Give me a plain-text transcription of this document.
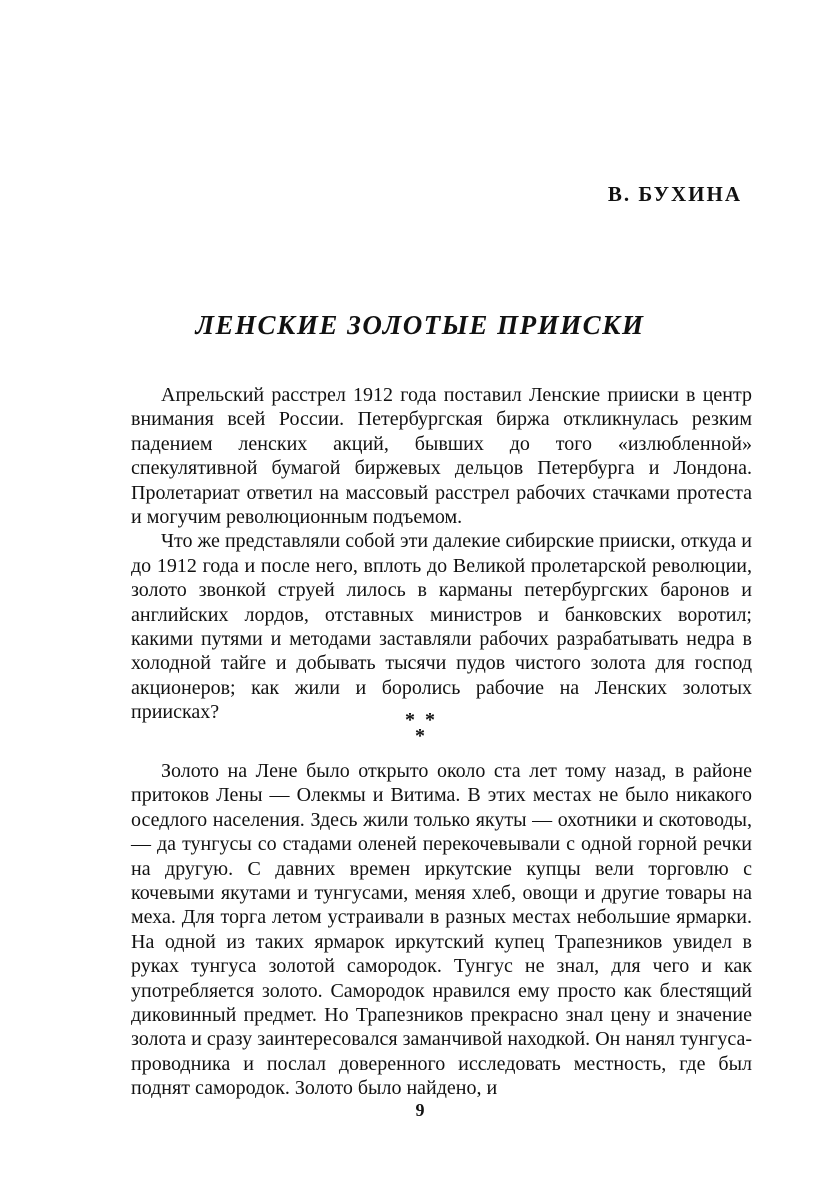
В. БУХИНА

ЛЕНСКИЕ ЗОЛОТЫЕ ПРИИСКИ

Апрельский расстрел 1912 года поставил Ленские прииски в центр внимания всей России. Петербургская биржа откликнулась резким падением ленских акций, бывших до того «излюбленной» спекулятивной бумагой биржевых дельцов Петербурга и Лондона. Пролетариат ответил на массовый расстрел рабочих стачками протеста и могучим революционным подъемом.

Что же представляли собой эти далекие сибирские прииски, откуда и до 1912 года и после него, вплоть до Великой пролетарской революции, золото звонкой струей лилось в карманы петербургских баронов и английских лордов, отставных министров и банковских воротил; какими путями и методами заставляли рабочих разрабатывать недра в холодной тайге и добывать тысячи пудов чистого золота для господ акционеров; как жили и боролись рабочие на Ленских золотых приисках?	**
*

Золото на Лене было открыто около ста лет тому назад, в районе притоков Лены — Олекмы и Витима. В этих местах не было никакого оседлого населения. Здесь жили только якуты — охотники и скотоводы,— да тунгусы со стадами оленей перекочевывали с одной горной речки на другую. С давних времен иркутские купцы вели торговлю с кочевыми якутами и тунгусами, меняя хлеб, овощи и другие товары на меха. Для торга летом устраивали в разных местах небольшие ярмарки. На одной из таких ярмарок иркутский купец Трапезников увидел в руках тунгуса золотой самородок. Тунгус не знал, для чего и как употребляется золото. Самородок нравился ему просто как блестящий диковинный предмет. Но Трапезников прекрасно знал цену и значение золота и сразу заинтересовался заманчивой находкой. Он нанял тунгуса-проводника и послал доверенного исследовать местность, где был поднят самородок. Золото было найдено, и

9
